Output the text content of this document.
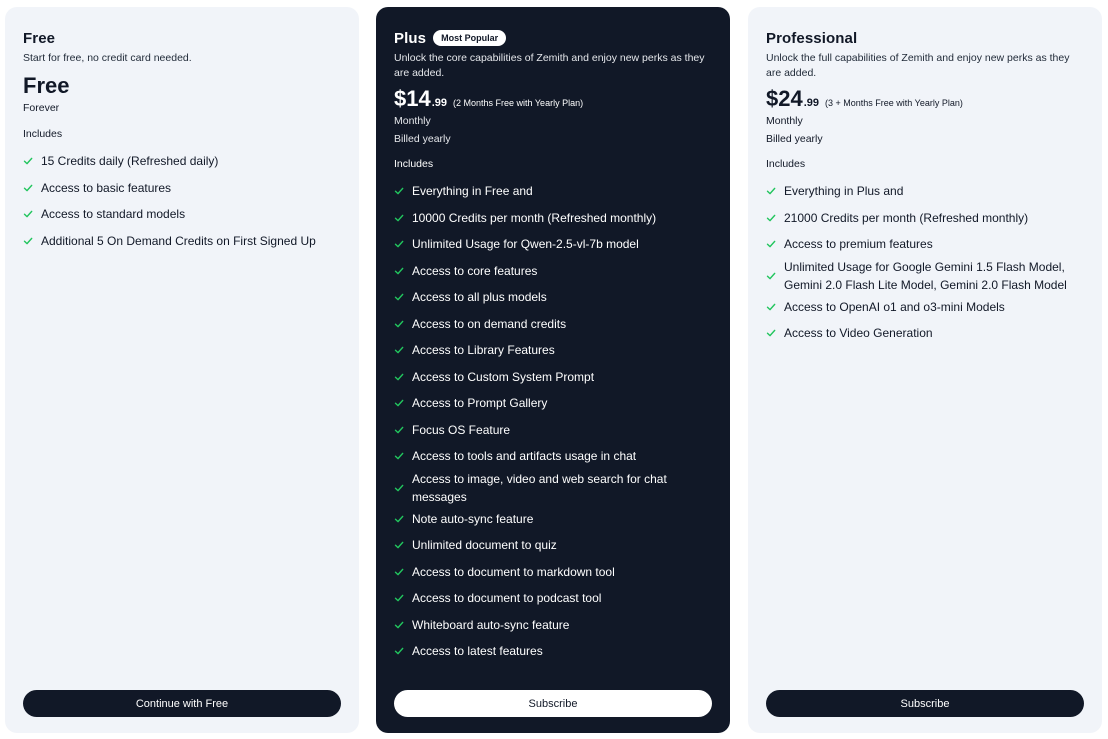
Free
Start for free, no credit card needed.
Free
Forever
Includes
15 Credits daily (Refreshed daily)
Access to basic features
Access to standard models
Additional 5 On Demand Credits on First Signed Up
Continue with Free
Plus	Most Popular
Unlock the core capabilities of Zemith and enjoy new perks as they are added.
$14 .99 (2 Months Free with Yearly Plan)
Monthly
Billed yearly
Includes
Everything in Free and
10000 Credits per month (Refreshed monthly)
Unlimited Usage for Qwen-2.5-vl-7b model
Access to core features
Access to all plus models
Access to on demand credits
Access to Library Features
Access to Custom System Prompt
Access to Prompt Gallery
Focus OS Feature
Access to tools and artifacts usage in chat
Access to image, video and web search for chat messages
Note auto-sync feature
Unlimited document to quiz
Access to document to markdown tool
Access to document to podcast tool
Whiteboard auto-sync feature
Access to latest features
Subscribe
Professional
Unlock the full capabilities of Zemith and enjoy new perks as they are added.
$24 .99 (3 + Months Free with Yearly Plan)
Monthly
Billed yearly
Includes
Everything in Plus and
21000 Credits per month (Refreshed monthly)
Access to premium features
Unlimited Usage for Google Gemini 1.5 Flash Model, Gemini 2.0 Flash Lite Model, Gemini 2.0 Flash Model
Access to OpenAI o1 and o3-mini Models
Access to Video Generation
Subscribe
